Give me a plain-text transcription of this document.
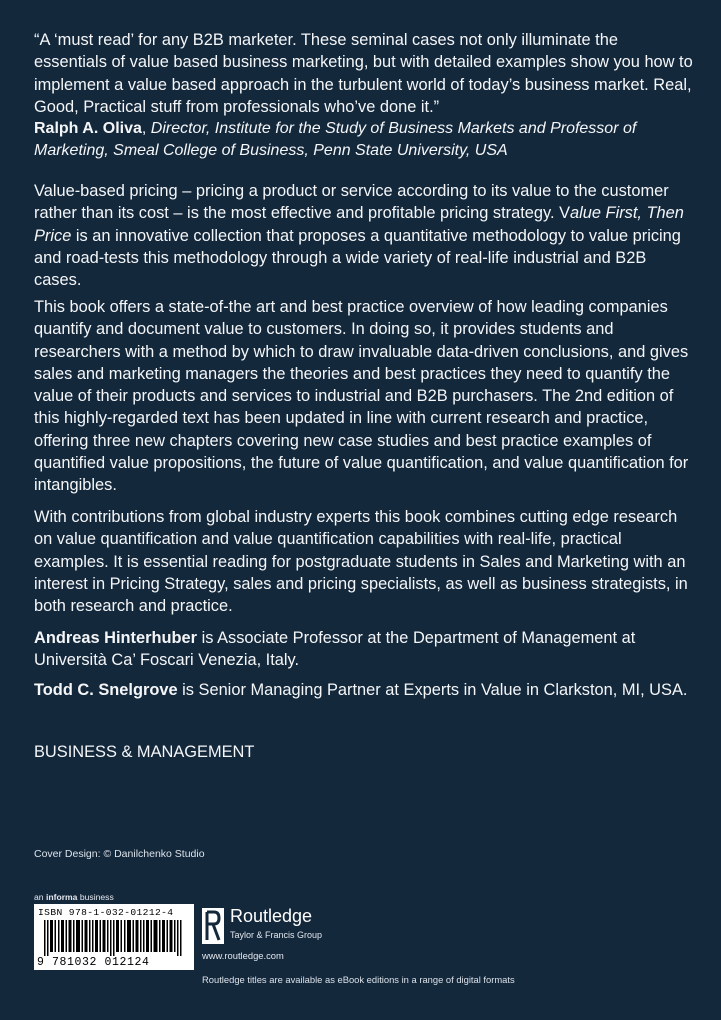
“A ‘must read’ for any B2B marketer. These seminal cases not only illuminate the essentials of value based business marketing, but with detailed examples show you how to implement a value based approach in the turbulent world of today’s business market. Real, Good, Practical stuff from professionals who’ve done it.”

Ralph A. Oliva, Director, Institute for the Study of Business Markets and Professor of Marketing, Smeal College of Business, Penn State University, USA

Value-based pricing – pricing a product or service according to its value to the customer rather than its cost – is the most effective and profitable pricing strategy. Value First, Then Price is an innovative collection that proposes a quantitative methodology to value pricing and road-tests this methodology through a wide variety of real-life industrial and B2B cases.

This book offers a state-of-the art and best practice overview of how leading companies quantify and document value to customers. In doing so, it provides students and researchers with a method by which to draw invaluable data-driven conclusions, and gives sales and marketing managers the theories and best practices they need to quantify the value of their products and services to industrial and B2B purchasers. The 2nd edition of this highly-regarded text has been updated in line with current research and practice, offering three new chapters covering new case studies and best practice examples of quantified value propositions, the future of value quantification, and value quantification for intangibles.

With contributions from global industry experts this book combines cutting edge research on value quantification and value quantification capabilities with real-life, practical examples. It is essential reading for postgraduate students in Sales and Marketing with an interest in Pricing Strategy, sales and pricing specialists, as well as business strategists, in both research and practice.

Andreas Hinterhuber is Associate Professor at the Department of Management at Università Ca’ Foscari Venezia, Italy.

Todd C. Snelgrove is Senior Managing Partner at Experts in Value in Clarkston, MI, USA.

BUSINESS & MANAGEMENT

Cover Design: © Danilchenko Studio
an informa business
ISBN 978-1-032-01212-4
9 781032 012124
Routledge
Taylor & Francis Group
www.routledge.com
Routledge titles are available as eBook editions in a range of digital formats
